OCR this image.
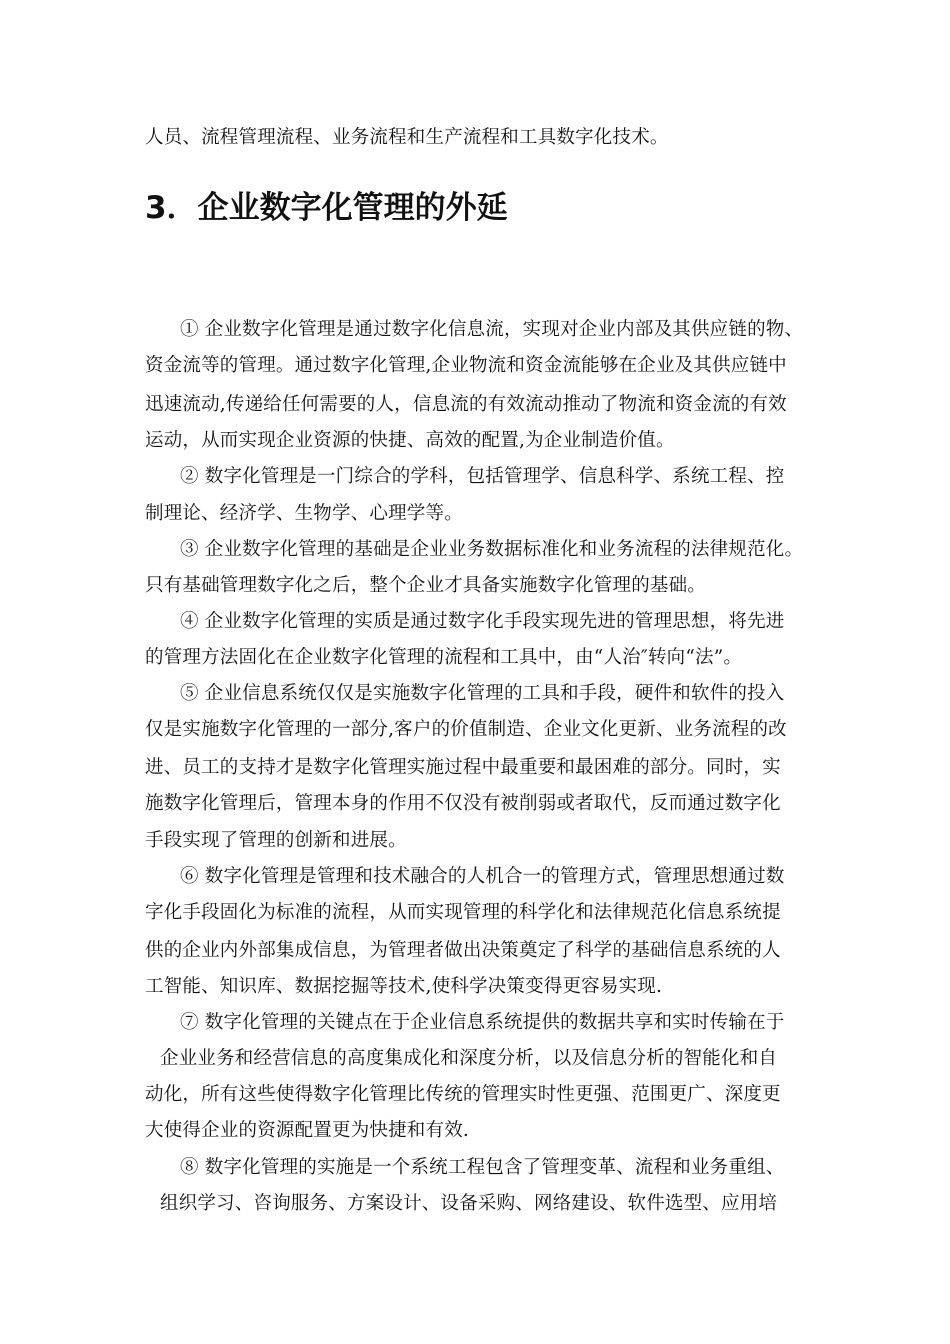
人员、流程管理流程、业务流程和生产流程和工具数字化技术。
3．企业数字化管理的外延
① 企业数字化管理是通过数字化信息流，实现对企业内部及其供应链的物、
资金流等的管理。通过数字化管理,企业物流和资金流能够在企业及其供应链中
迅速流动,传递给任何需要的人，信息流的有效流动推动了物流和资金流的有效
运动，从而实现企业资源的快捷、高效的配置,为企业制造价值。
② 数字化管理是一门综合的学科，包括管理学、信息科学、系统工程、控
制理论、经济学、生物学、心理学等。
③ 企业数字化管理的基础是企业业务数据标准化和业务流程的法律规范化。
只有基础管理数字化之后，整个企业才具备实施数字化管理的基础。
④ 企业数字化管理的实质是通过数字化手段实现先进的管理思想，将先进
的管理方法固化在企业数字化管理的流程和工具中，由“人治″转向“法”。
⑤ 企业信息系统仅仅是实施数字化管理的工具和手段，硬件和软件的投入
仅是实施数字化管理的一部分,客户的价值制造、企业文化更新、业务流程的改
进、员工的支持才是数字化管理实施过程中最重要和最困难的部分。同时，实
施数字化管理后，管理本身的作用不仅没有被削弱或者取代，反而通过数字化
手段实现了管理的创新和进展。
⑥ 数字化管理是管理和技术融合的人机合一的管理方式，管理思想通过数
字化手段固化为标准的流程，从而实现管理的科学化和法律规范化信息系统提
供的企业内外部集成信息，为管理者做出决策奠定了科学的基础信息系统的人
工智能、知识库、数据挖掘等技术,使科学决策变得更容易实现.
⑦ 数字化管理的关键点在于企业信息系统提供的数据共享和实时传输在于
企业业务和经营信息的高度集成化和深度分析，以及信息分析的智能化和自
动化，所有这些使得数字化管理比传统的管理实时性更强、范围更广、深度更
大使得企业的资源配置更为快捷和有效.
⑧ 数字化管理的实施是一个系统工程包含了管理变革、流程和业务重组、
组织学习、咨询服务、方案设计、设备采购、网络建设、软件选型、应用培
